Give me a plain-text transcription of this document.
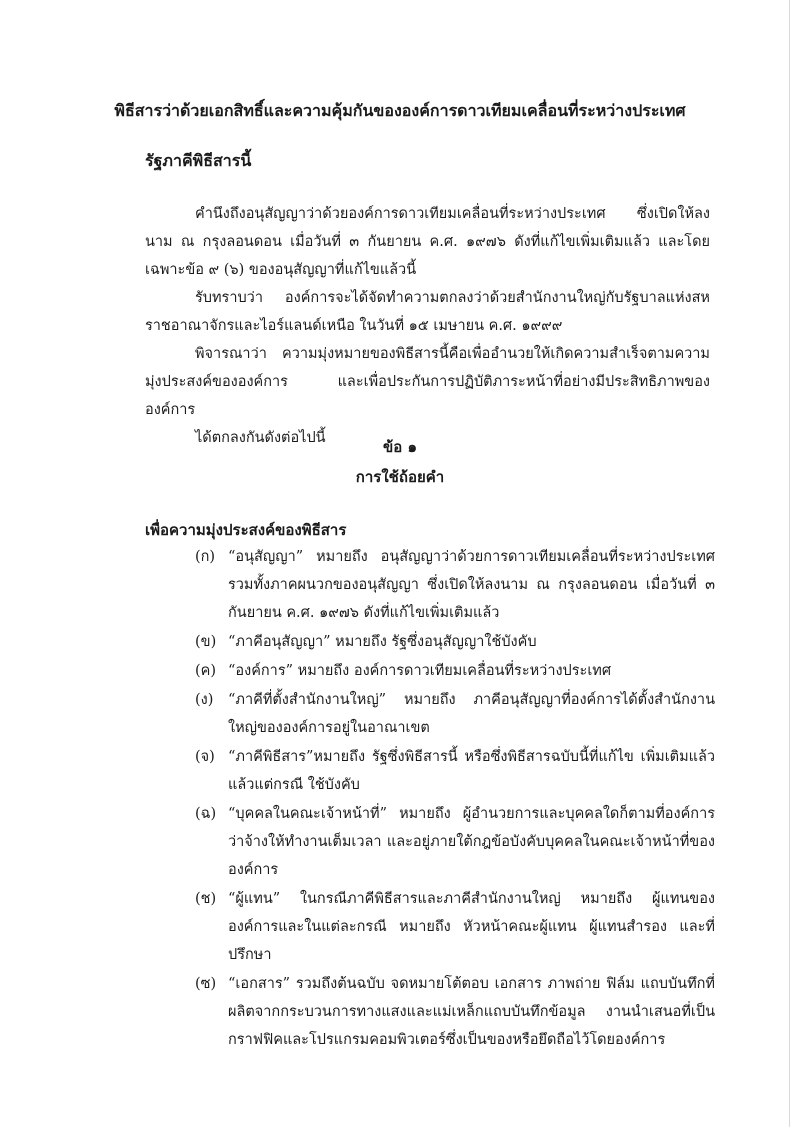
พิธีสารว่าด้วยเอกสิทธิ์และความคุ้มกันขององค์การดาวเทียมเคลื่อนที่ระหว่างประเทศ
รัฐภาคีพิธีสารนี้

คำนึงถึงอนุสัญญาว่าด้วยองค์การดาวเทียมเคลื่อนที่ระหว่างประเทศ ซึ่งเปิดให้ลงนาม ณ กรุงลอนดอน เมื่อวันที่ ๓ กันยายน ค.ศ. ๑๙๗๖ ดังที่แก้ไขเพิ่มเติมแล้ว และโดยเฉพาะข้อ ๙ (๖) ของอนุสัญญาที่แก้ไขแล้วนี้

รับทราบว่า องค์การจะได้จัดทำความตกลงว่าด้วยสำนักงานใหญ่กับรัฐบาลแห่งสหราชอาณาจักรและไอร์แลนด์เหนือ ในวันที่ ๑๕ เมษายน ค.ศ. ๑๙๙๙

พิจารณาว่า ความมุ่งหมายของพิธีสารนี้คือเพื่ออำนวยให้เกิดความสำเร็จตามความมุ่งประสงค์ขององค์การ และเพื่อประกันการปฏิบัติภาระหน้าที่อย่างมีประสิทธิภาพขององค์การ

ได้ตกลงกันดังต่อไปนี้	ข้อ ๑
การใช้ถ้อยคำ
เพื่อความมุ่งประสงค์ของพิธีสาร
(ก) “อนุสัญญา” หมายถึง อนุสัญญาว่าด้วยการดาวเทียมเคลื่อนที่ระหว่างประเทศ รวมทั้งภาคผนวกของอนุสัญญา ซึ่งเปิดให้ลงนาม ณ กรุงลอนดอน เมื่อวันที่ ๓ กันยายน ค.ศ. ๑๙๗๖ ดังที่แก้ไขเพิ่มเติมแล้ว
(ข) “ภาคีอนุสัญญา” หมายถึง รัฐซึ่งอนุสัญญาใช้บังคับ
(ค) “องค์การ” หมายถึง องค์การดาวเทียมเคลื่อนที่ระหว่างประเทศ
(ง)	“ภาคีที่ตั้งสำนักงานใหญ่” หมายถึง ภาคีอนุสัญญาที่องค์การได้ตั้งสำนักงานใหญ่ขององค์การอยู่ในอาณาเขต
(จ) “ภาคีพิธีสาร”หมายถึง รัฐซึ่งพิธีสารนี้ หรือซึ่งพิธีสารฉบับนี้ที่แก้ไข เพิ่มเติมแล้ว แล้วแต่กรณี ใช้บังคับ
(ฉ) “บุคคลในคณะเจ้าหน้าที่” หมายถึง ผู้อำนวยการและบุคคลใดก็ตามที่องค์การว่าจ้างให้ทำงานเต็มเวลา และอยู่ภายใต้กฎข้อบังคับบุคคลในคณะเจ้าหน้าที่ขององค์การ
(ช) “ผู้แทน” ในกรณีภาคีพิธีสารและภาคีสำนักงานใหญ่ หมายถึง ผู้แทนขององค์การและในแต่ละกรณี หมายถึง หัวหน้าคณะผู้แทน ผู้แทนสำรอง และที่ปรึกษา
(ซ) “เอกสาร” รวมถึงต้นฉบับ จดหมายโต้ตอบ เอกสาร ภาพถ่าย ฟิล์ม แถบบันทึกที่ผลิตจากกระบวนการทางแสงและแม่เหล็กแถบบันทึกข้อมูล งานนำเสนอที่เป็นกราฟฟิคและโปรแกรมคอมพิวเตอร์ซึ่งเป็นของหรือยึดถือไว้โดยองค์การ
